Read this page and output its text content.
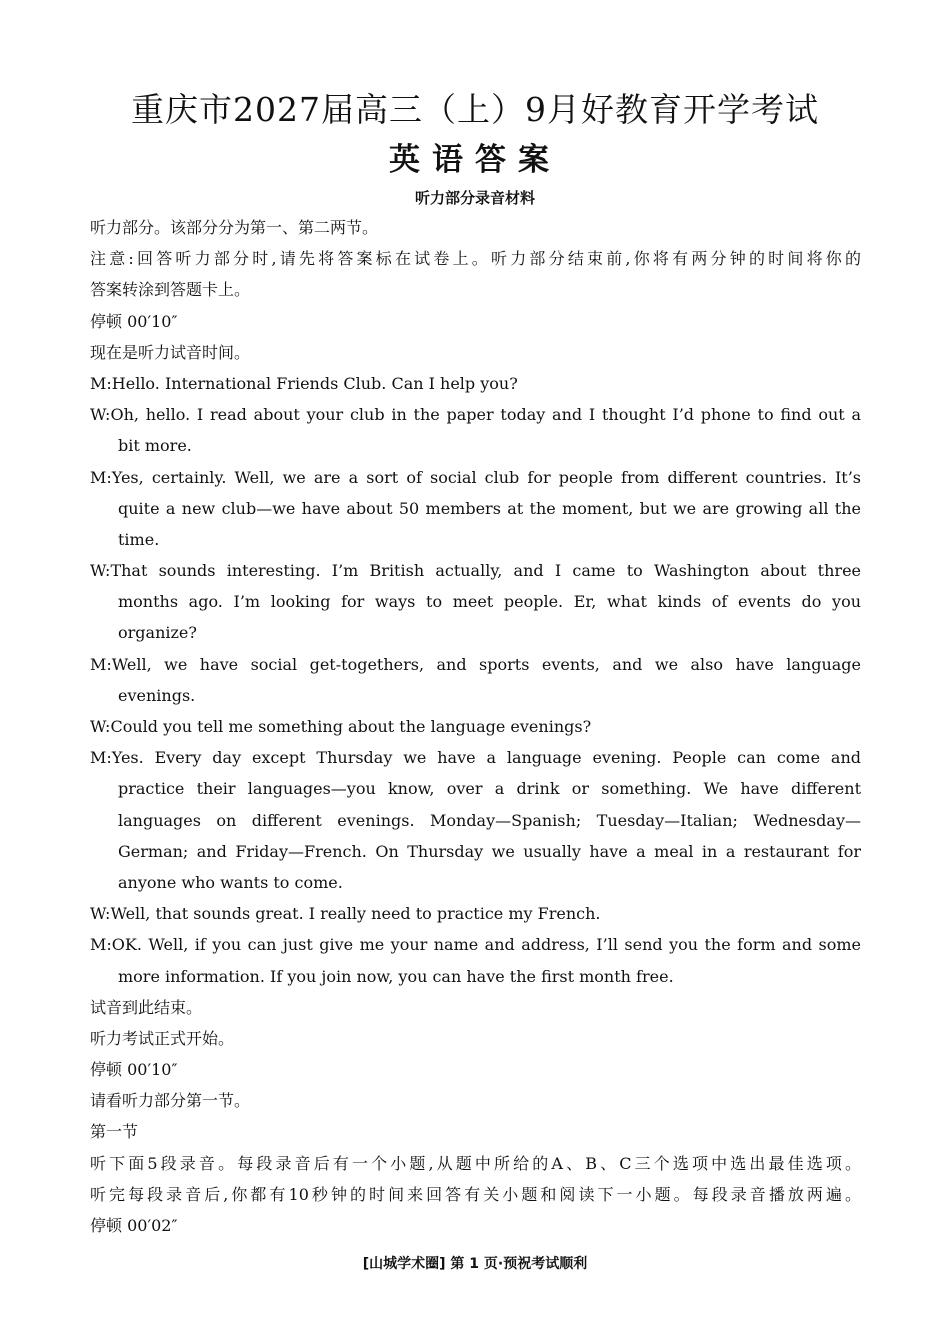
重庆市2027届高三（上）9月好教育开学考试
英语答案
听力部分录音材料
听力部分。该部分分为第一、第二两节。
注意:回答听力部分时,请先将答案标在试卷上。听力部分结束前,你将有两分钟的时间将你的
答案转涂到答题卡上。
停顿 00′10″
现在是听力试音时间。
M:Hello. International Friends Club. Can I help you?
W:Oh, hello. I read about your club in the paper today and I thought I’d phone to find out a
bit more.
M:Yes, certainly. Well, we are a sort of social club for people from different countries. It’s
quite a new club—we have about 50 members at the moment, but we are growing all the
time.
W:That sounds interesting. I’m British actually, and I came to Washington about three
months ago. I’m looking for ways to meet people. Er, what kinds of events do you
organize?
M:Well, we have social get-togethers, and sports events, and we also have language
evenings.
W:Could you tell me something about the language evenings?
M:Yes. Every day except Thursday we have a language evening. People can come and
practice their languages—you know, over a drink or something. We have different
languages on different evenings. Monday—Spanish; Tuesday—Italian; Wednesday—
German; and Friday—French. On Thursday we usually have a meal in a restaurant for
anyone who wants to come.
W:Well, that sounds great. I really need to practice my French.
M:OK. Well, if you can just give me your name and address, I’ll send you the form and some
more information. If you join now, you can have the first month free.
试音到此结束。
听力考试正式开始。
停顿 00′10″
请看听力部分第一节。
第一节
听下面5段录音。每段录音后有一个小题,从题中所给的A、B、C三个选项中选出最佳选项。
听完每段录音后,你都有10秒钟的时间来回答有关小题和阅读下一小题。每段录音播放两遍。
停顿 00′02″
[山城学术圈] 第 1 页·预祝考试顺利
